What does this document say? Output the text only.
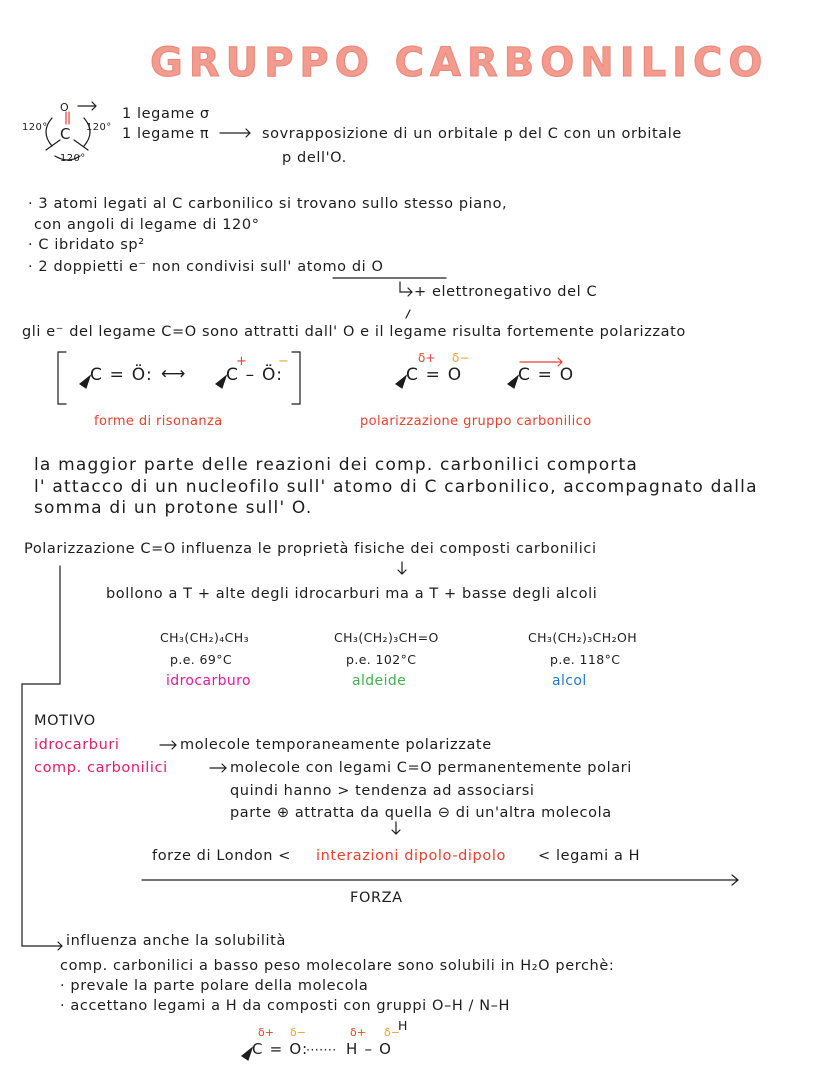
GRUPPO CARBONILICO
O
C
120°	120°
120°
1 legame σ
1 legame π	sovrapposizione di un orbitale p del C con un orbitale
p dell'O.
· 3 atomi legati al C carbonilico si trovano sullo stesso piano,
con angoli di legame di 120°
· C ibridato sp²
· 2 doppietti e⁻ non condivisi sull' atomo di O
+ elettronegativo del C
gli e⁻ del legame C=O sono attratti dall' O e il legame risulta fortemente polarizzato
C = Ö: ⟷ C – Ö:
+ −
forme di risonanza
C = O
δ+ δ−
C = O
polarizzazione gruppo carbonilico
la maggior parte delle reazioni dei comp. carbonilici comporta
l' attacco di un nucleofilo sull' atomo di C carbonilico, accompagnato dalla
somma di un protone sull' O.
Polarizzazione C=O influenza le proprietà fisiche dei composti carbonilici
bollono a T + alte degli idrocarburi ma a T + basse degli alcoli
CH₃(CH₂)₄CH₃
p.e. 69°C
idrocarburo
CH₃(CH₂)₃CH=O
p.e. 102°C
aldeide
CH₃(CH₂)₃CH₂OH
p.e. 118°C
alcol
MOTIVO
idrocarburi	molecole temporaneamente polarizzate
comp. carbonilici	molecole con legami C=O permanentemente polari
quindi hanno > tendenza ad associarsi
parte ⊕ attratta da quella ⊖ di un'altra molecola
forze di London < interazioni dipolo-dipolo < legami a H
FORZA
influenza anche la solubilità
comp. carbonilici a basso peso molecolare sono solubili in H₂O perchè:
· prevale la parte polare della molecola
· accettano legami a H da composti con gruppi O–H / N–H
C = O:
······· H – O
H
δ+ δ−	δ+ δ−
